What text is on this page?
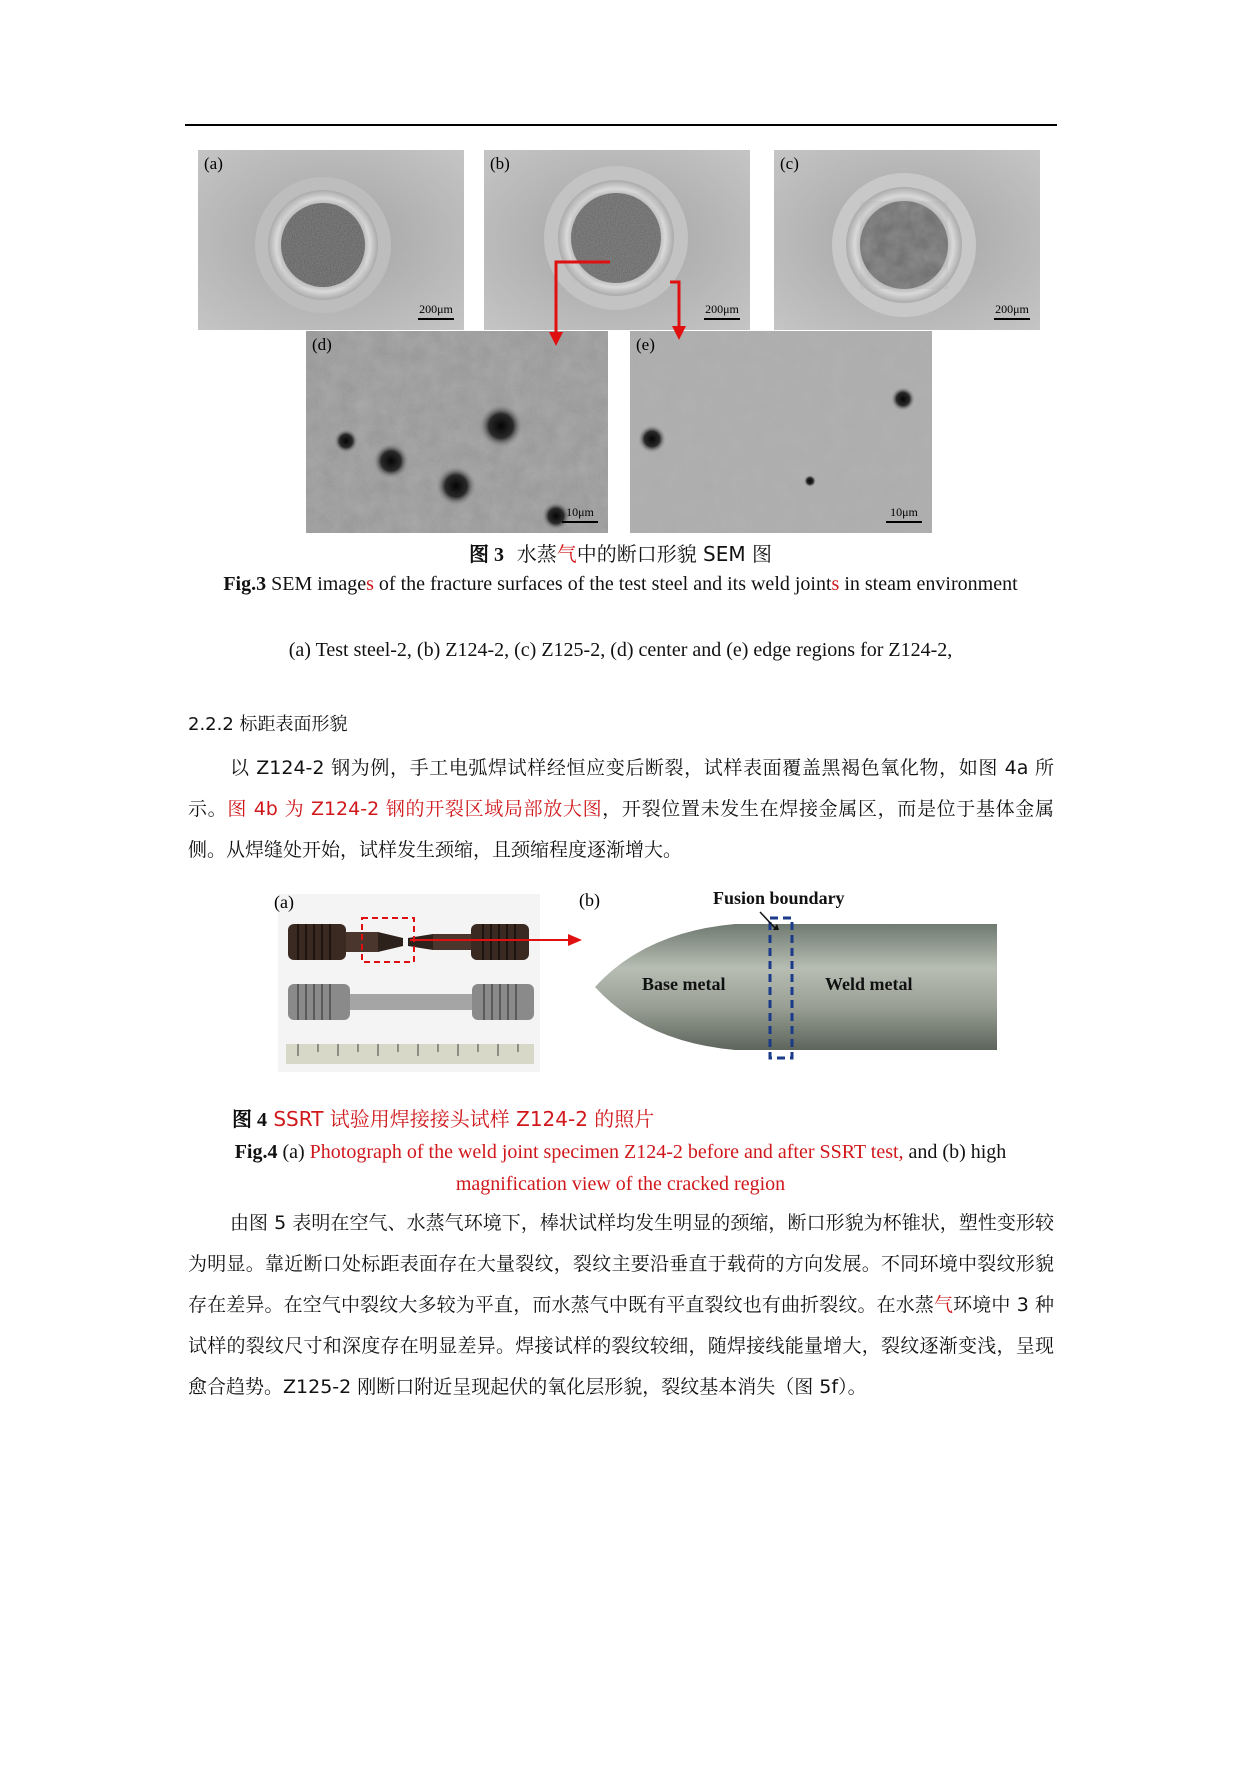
(a)
200μm
(b)
200μm
(c)
200μm
(d)
10μm
(e)
10μm
图 3 水蒸气中的断口形貌 SEM 图
Fig.3 SEM images of the fracture surfaces of the test steel and its weld joints in steam environment
(a) Test steel-2, (b) Z124-2, (c) Z125-2, (d) center and (e) edge regions for Z124-2,
2.2.2 标距表面形貌

以 Z124-2 钢为例，手工电弧焊试样经恒应变后断裂，试样表面覆盖黑褐色氧化物，如图 4a 所示。图 4b 为 Z124-2 钢的开裂区域局部放大图，开裂位置未发生在焊接金属区，而是位于基体金属侧。从焊缝处开始，试样发生颈缩，且颈缩程度逐渐增大。

(a)	Fusion boundary
Base metal	Weld metal
(b)
图 4 SSRT 试验用焊接接头试样 Z124-2 的照片
Fig.4 (a) Photograph of the weld joint specimen Z124-2 before and after SSRT test, and (b) high
magnification view of the cracked region

由图 5 表明在空气、水蒸气环境下，棒状试样均发生明显的颈缩，断口形貌为杯锥状，塑性变形较为明显。靠近断口处标距表面存在大量裂纹，裂纹主要沿垂直于载荷的方向发展。不同环境中裂纹形貌存在差异。在空气中裂纹大多较为平直，而水蒸气中既有平直裂纹也有曲折裂纹。在水蒸气环境中 3 种试样的裂纹尺寸和深度存在明显差异。焊接试样的裂纹较细，随焊接线能量增大，裂纹逐渐变浅，呈现愈合趋势。Z125-2 刚断口附近呈现起伏的氧化层形貌，裂纹基本消失（图 5f）。
